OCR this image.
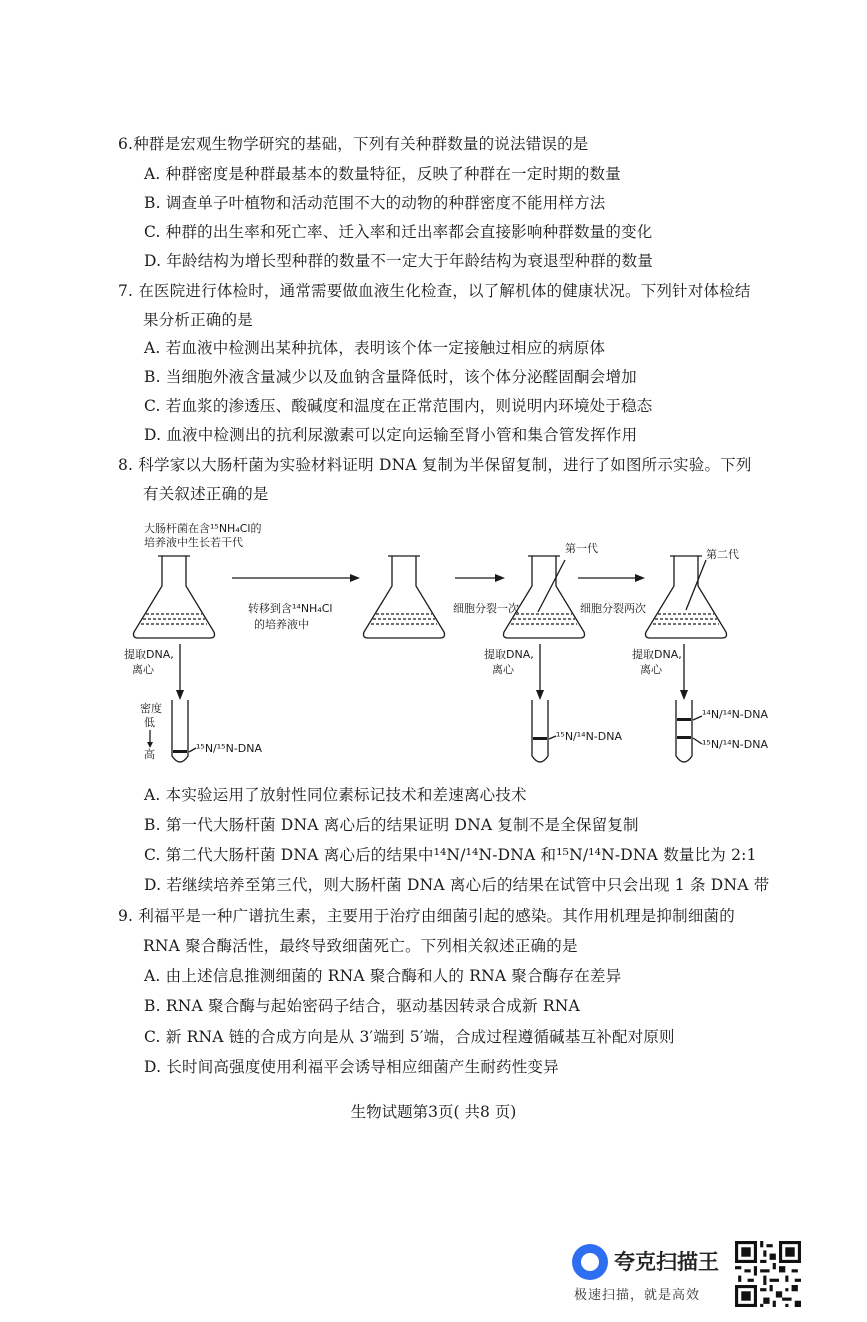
6.种群是宏观生物学研究的基础，下列有关种群数量的说法错误的是
A. 种群密度是种群最基本的数量特征，反映了种群在一定时期的数量
B. 调查单子叶植物和活动范围不大的动物的种群密度不能用样方法
C. 种群的出生率和死亡率、迁入率和迁出率都会直接影响种群数量的变化
D. 年龄结构为增长型种群的数量不一定大于年龄结构为衰退型种群的数量
7. 在医院进行体检时，通常需要做血液生化检查，以了解机体的健康状况。下列针对体检结
果分析正确的是
A. 若血液中检测出某种抗体，表明该个体一定接触过相应的病原体
B. 当细胞外液含量减少以及血钠含量降低时，该个体分泌醛固酮会增加
C. 若血浆的渗透压、酸碱度和温度在正常范围内，则说明内环境处于稳态
D. 血液中检测出的抗利尿激素可以定向运输至肾小管和集合管发挥作用
8. 科学家以大肠杆菌为实验材料证明 DNA 复制为半保留复制，进行了如图所示实验。下列
有关叙述正确的是
大肠杆菌在含¹⁵NH₄Cl的
培养液中生长若干代
转移到含¹⁴NH₄Cl
的培养液中
细胞分裂一次	细胞分裂两次
第一代	第二代
提取DNA,
离心
提取DNA,
离心
提取DNA,
离心
密度
低
高	¹⁵N/¹⁵N-DNA
¹⁵N/¹⁴N-DNA
¹⁴N/¹⁴N-DNA
¹⁵N/¹⁴N-DNA
A. 本实验运用了放射性同位素标记技术和差速离心技术
B. 第一代大肠杆菌 DNA 离心后的结果证明 DNA 复制不是全保留复制
C. 第二代大肠杆菌 DNA 离心后的结果中¹⁴N/¹⁴N-DNA 和¹⁵N/¹⁴N-DNA 数量比为 2:1
D. 若继续培养至第三代，则大肠杆菌 DNA 离心后的结果在试管中只会出现 1 条 DNA 带
9. 利福平是一种广谱抗生素，主要用于治疗由细菌引起的感染。其作用机理是抑制细菌的
RNA 聚合酶活性，最终导致细菌死亡。下列相关叙述正确的是
A. 由上述信息推测细菌的 RNA 聚合酶和人的 RNA 聚合酶存在差异
B. RNA 聚合酶与起始密码子结合，驱动基因转录合成新 RNA
C. 新 RNA 链的合成方向是从 3′端到 5′端，合成过程遵循碱基互补配对原则
D. 长时间高强度使用利福平会诱导相应细菌产生耐药性变异
生物试题第3页( 共8 页)
夸克扫描王
极速扫描，就是高效
